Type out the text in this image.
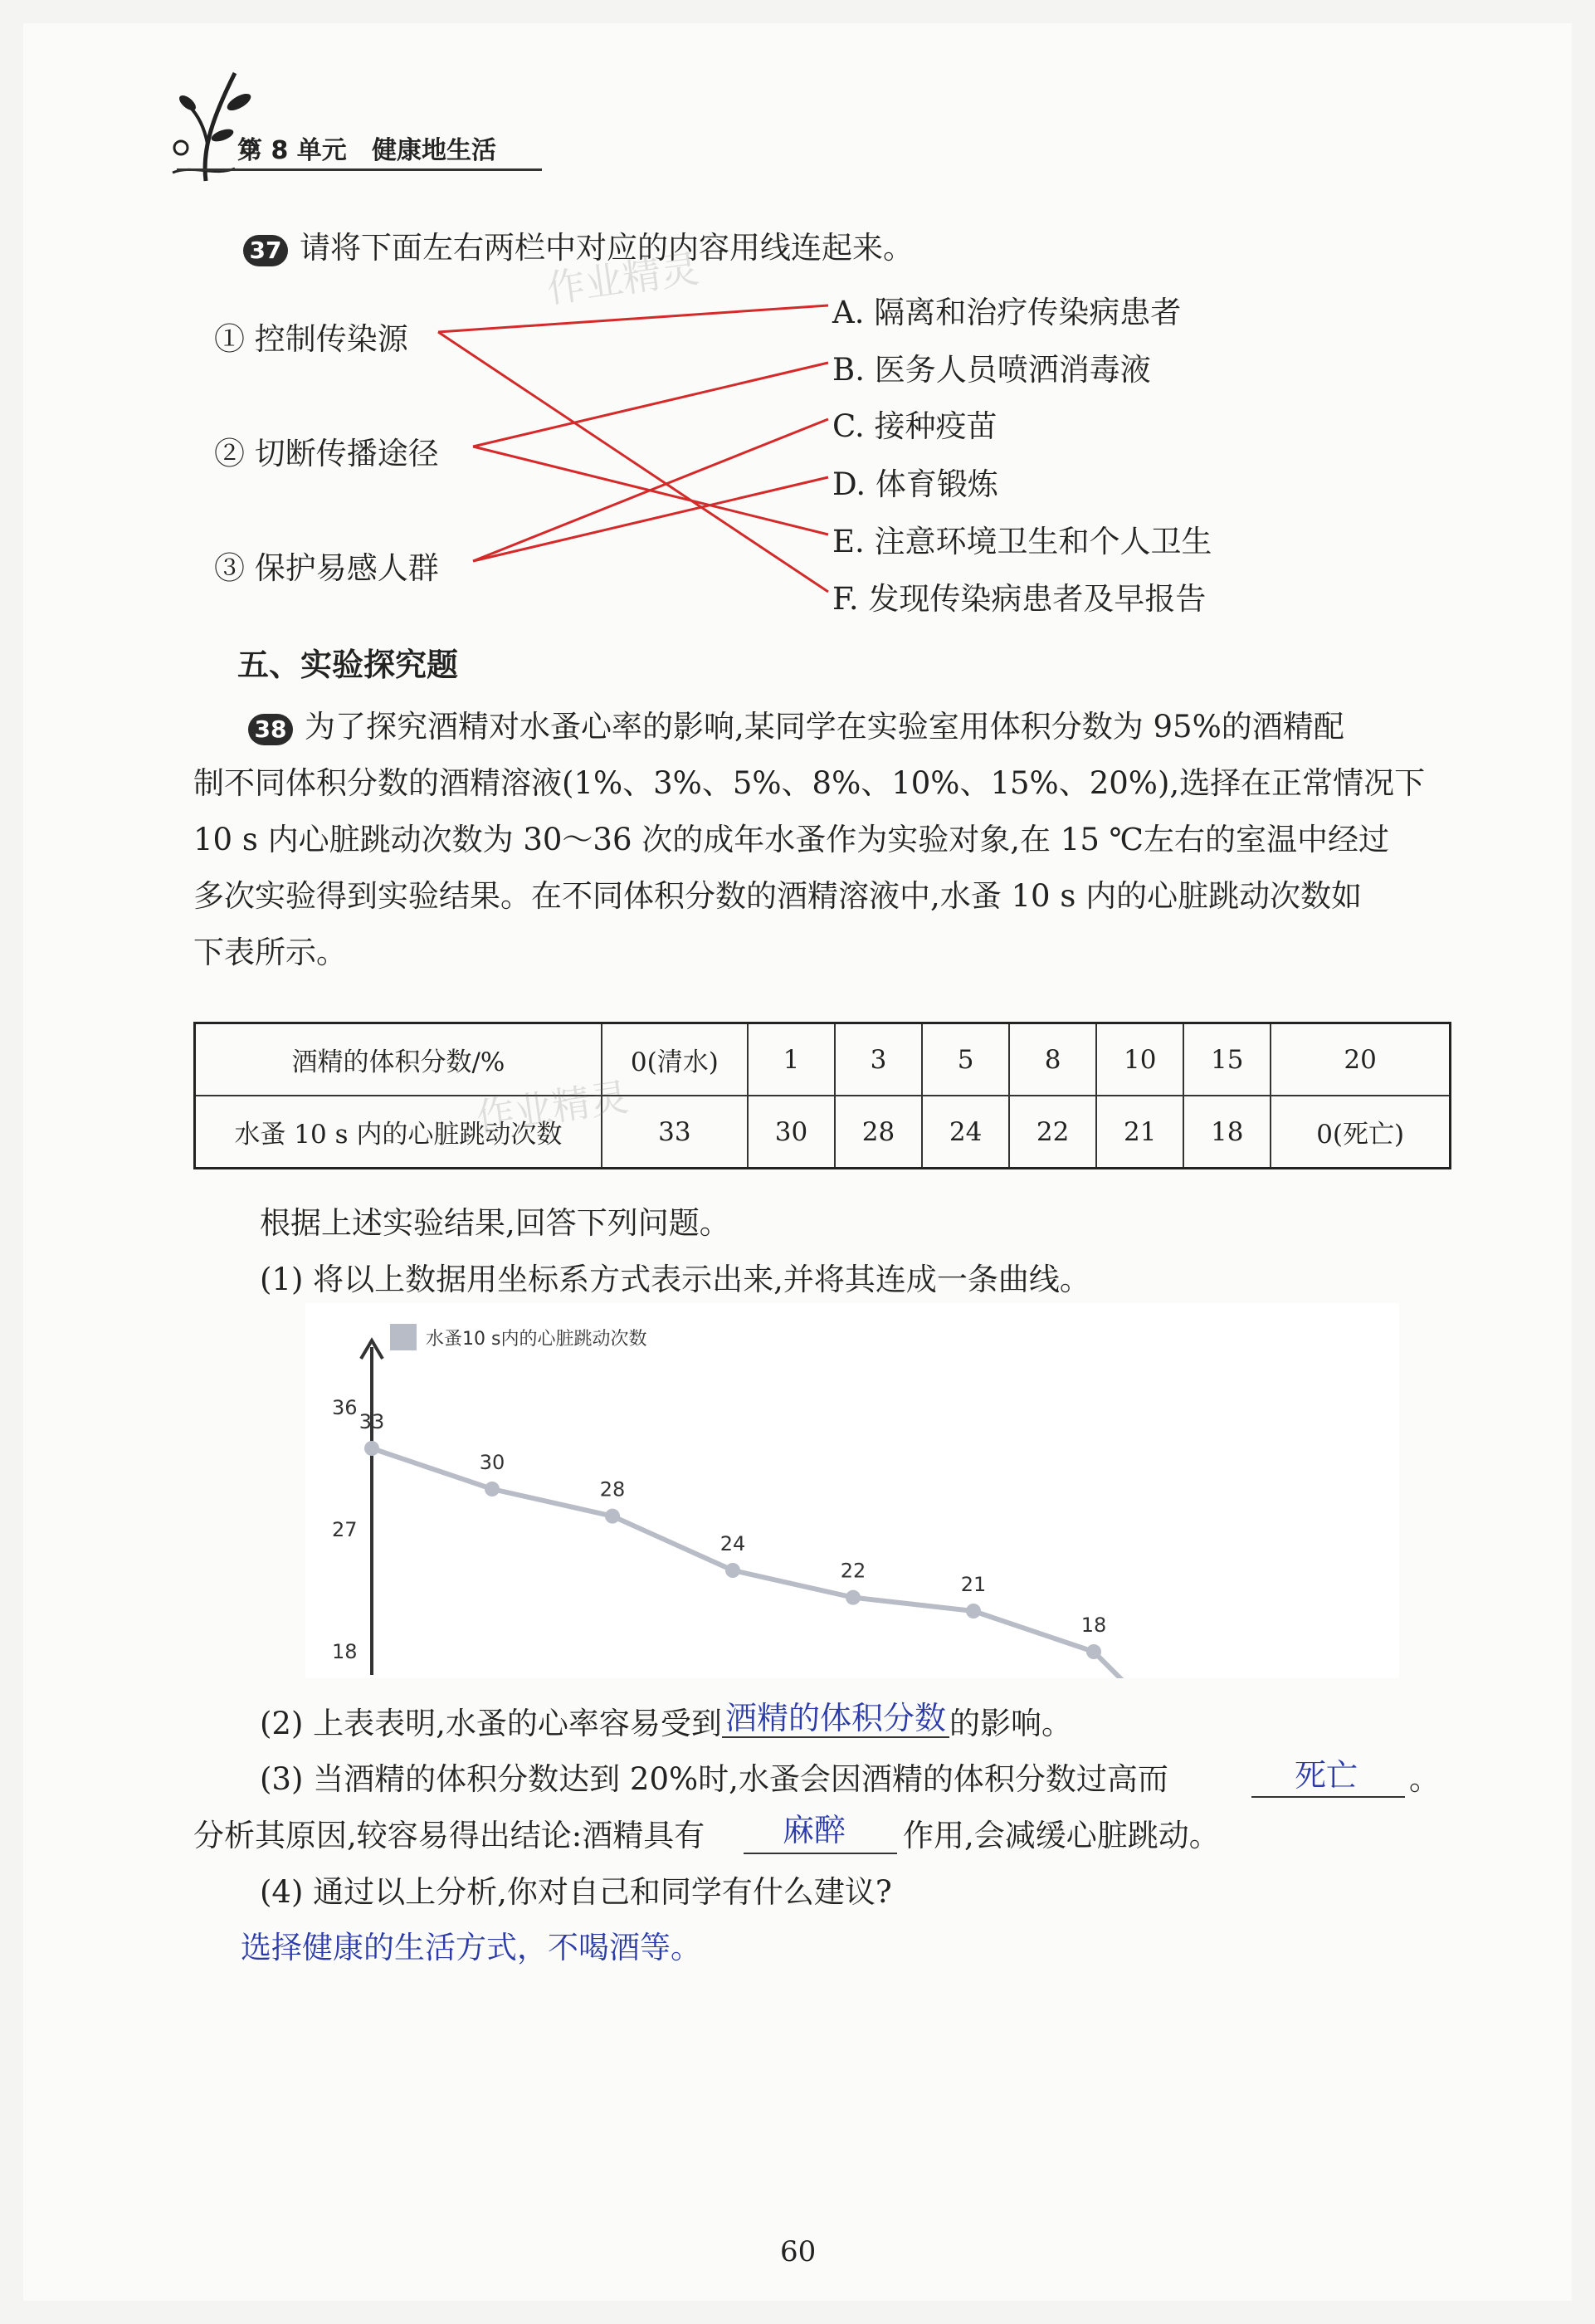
第 8 单元 健康地生活
37 请将下面左右两栏中对应的内容用线连起来。
作业精灵
① 控制传染源
② 切断传播途径
③ 保护易感人群
A. 隔离和治疗传染病患者
B. 医务人员喷洒消毒液
C. 接种疫苗
D. 体育锻炼
E. 注意环境卫生和个人卫生
F. 发现传染病患者及早报告
五、实验探究题
38 为了探究酒精对水蚤心率的影响,某同学在实验室用体积分数为 95%的酒精配
制不同体积分数的酒精溶液(1%、3%、5%、8%、10%、15%、20%),选择在正常情况下
10 s 内心脏跳动次数为 30～36 次的成年水蚤作为实验对象,在 15 ℃左右的室温中经过
多次实验得到实验结果。在不同体积分数的酒精溶液中,水蚤 10 s 内的心脏跳动次数如
下表所示。
酒精的体积分数/%	0(清水)	1	3	5	8	10	15	20
水蚤 10 s 内的心脏跳动次数	33	30	28	24	22	21	18	0(死亡)
作业精灵
根据上述实验结果,回答下列问题。
(1) 将以上数据用坐标系方式表示出来,并将其连成一条曲线。
36
27
18
水蚤10 s内的心脏跳动次数
33
30
28
24
22
21
18
(2) 上表表明,水蚤的心率容易受到 酒精的体积分数 的影响。
(3) 当酒精的体积分数达到 20%时,水蚤会因酒精的体积分数过高而	死亡 。
分析其原因,较容易得出结论:酒精具有 麻醉 作用,会减缓心脏跳动。
(4) 通过以上分析,你对自己和同学有什么建议?
选择健康的生活方式，不喝酒等。
60
